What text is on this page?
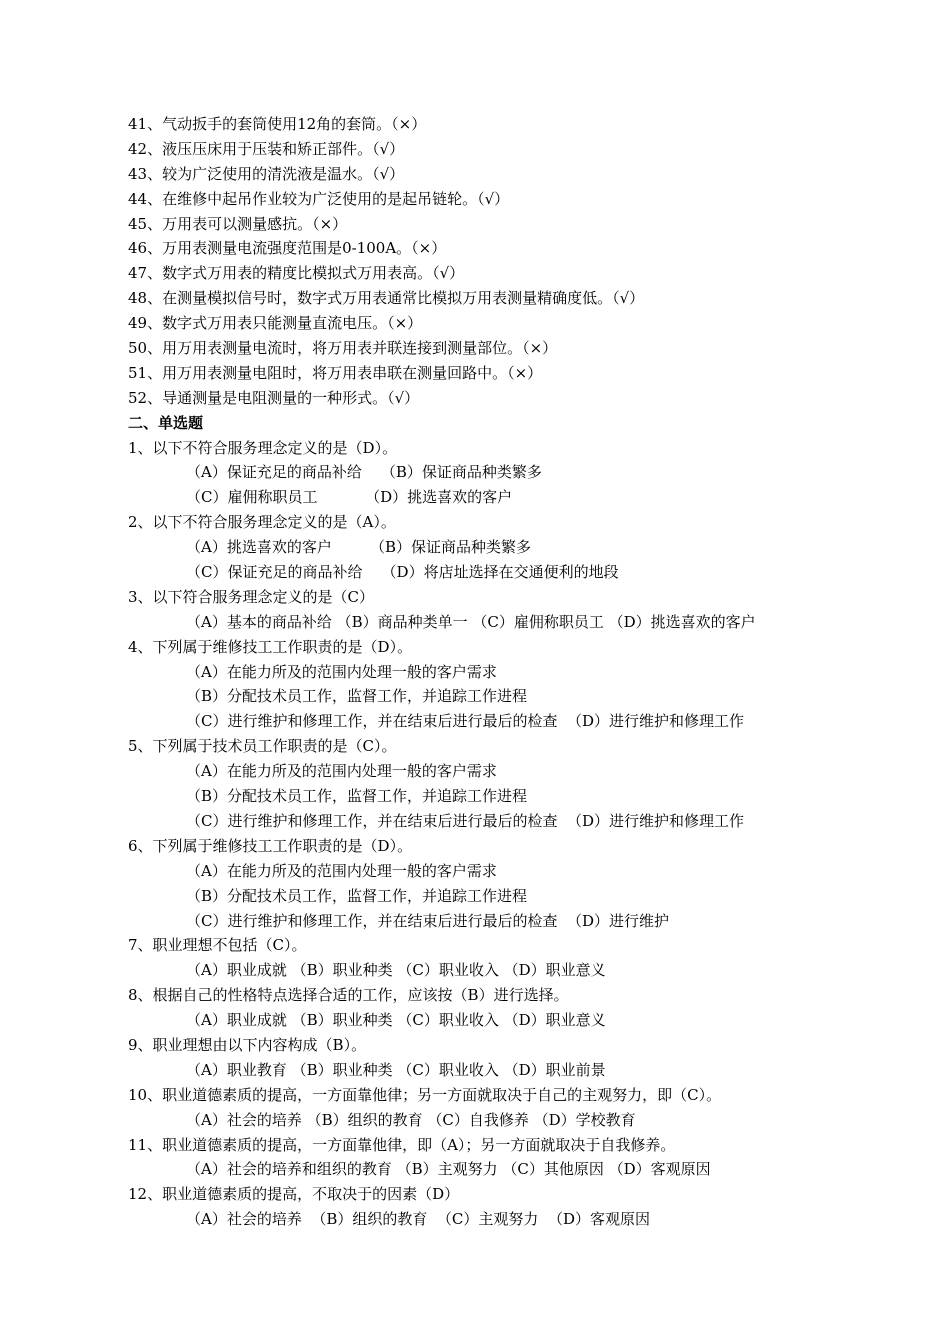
41、气动扳手的套筒使用12角的套筒。（×）
42、液压压床用于压装和矫正部件。（√）
43、较为广泛使用的清洗液是温水。（√）
44、在维修中起吊作业较为广泛使用的是起吊链轮。（√）
45、万用表可以测量感抗。（×）
46、万用表测量电流强度范围是0-100A。（×）
47、数字式万用表的精度比模拟式万用表高。（√）
48、在测量模拟信号时，数字式万用表通常比模拟万用表测量精确度低。（√）
49、数字式万用表只能测量直流电压。（×）
50、用万用表测量电流时，将万用表并联连接到测量部位。（×）
51、用万用表测量电阻时，将万用表串联在测量回路中。（×）
52、导通测量是电阻测量的一种形式。（√）
二、单选题
1、以下不符合服务理念定义的是（D）。
（A）保证充足的商品补给    （B）保证商品种类繁多
（C）雇佣称职员工          （D）挑选喜欢的客户
2、以下不符合服务理念定义的是（A）。
（A）挑选喜欢的客户        （B）保证商品种类繁多
（C）保证充足的商品补给    （D）将店址选择在交通便利的地段
3、以下符合服务理念定义的是（C）
（A）基本的商品补给 （B）商品种类单一 （C）雇佣称职员工 （D）挑选喜欢的客户
4、下列属于维修技工工作职责的是（D）。
（A）在能力所及的范围内处理一般的客户需求
（B）分配技术员工作，监督工作，并追踪工作进程
（C）进行维护和修理工作，并在结束后进行最后的检查  （D）进行维护和修理工作
5、下列属于技术员工作职责的是（C）。
（A）在能力所及的范围内处理一般的客户需求
（B）分配技术员工作，监督工作，并追踪工作进程
（C）进行维护和修理工作，并在结束后进行最后的检查  （D）进行维护和修理工作
6、下列属于维修技工工作职责的是（D）。
（A）在能力所及的范围内处理一般的客户需求
（B）分配技术员工作，监督工作，并追踪工作进程
（C）进行维护和修理工作，并在结束后进行最后的检查  （D）进行维护
7、职业理想不包括（C）。
（A）职业成就 （B）职业种类 （C）职业收入 （D）职业意义
8、根据自己的性格特点选择合适的工作，应该按（B）进行选择。
（A）职业成就 （B）职业种类 （C）职业收入 （D）职业意义
9、职业理想由以下内容构成（B）。
（A）职业教育 （B）职业种类 （C）职业收入 （D）职业前景
10、职业道德素质的提高，一方面靠他律；另一方面就取决于自己的主观努力，即（C）。
（A）社会的培养 （B）组织的教育 （C）自我修养 （D）学校教育
11、职业道德素质的提高，一方面靠他律，即（A）；另一方面就取决于自我修养。
（A）社会的培养和组织的教育 （B）主观努力 （C）其他原因 （D）客观原因
12、职业道德素质的提高，不取决于的因素（D）
（A）社会的培养  （B）组织的教育  （C）主观努力  （D）客观原因
